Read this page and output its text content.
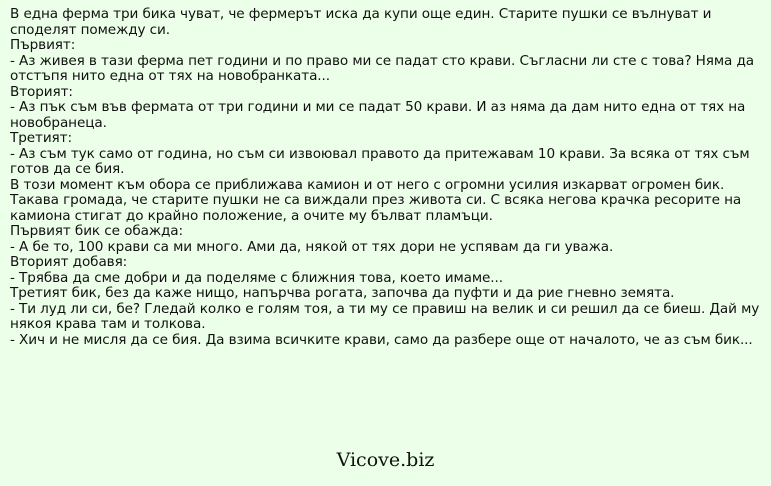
В една ферма три бика чуват, че фермерът иска да купи още един. Старите пушки се вълнуват и споделят помежду си.

Първият:

- Аз живея в тази ферма пет години и по право ми се падат сто крави. Съгласни ли сте с това? Няма да отстъпя нито една от тях на новобранката...

Вторият:

- Аз пък съм във фермата от три години и ми се падат 50 крави. И аз няма да дам нито една от тях на новобранеца.

Третият:

- Аз съм тук само от година, но съм си извоювал правото да притежавам 10 крави. За всяка от тях съм готов да се бия.

В този момент към обора се приближава камион и от него с огромни усилия изкарват огромен бик. Такава громада, че старите пушки не са виждали през живота си. С всяка негова крачка ресорите на камиона стигат до крайно положение, а очите му бълват пламъци.

Първият бик се обажда:

- А бе то, 100 крави са ми много. Ами да, някой от тях дори не успявам да ги уважа.

Вторият добавя:

- Трябва да сме добри и да поделяме с ближния това, което имаме...

Третият бик, без да каже нищо, напърчва рогата, започва да пуфти и да рие гневно земята.

- Ти луд ли си, бе? Гледай колко е голям тоя, а ти му се правиш на велик и си решил да се биеш. Дай му някоя крава там и толкова.

- Хич и не мисля да се бия. Да взима всичките крави, само да разбере още от началото, че аз съм бик...

Vicove.biz
